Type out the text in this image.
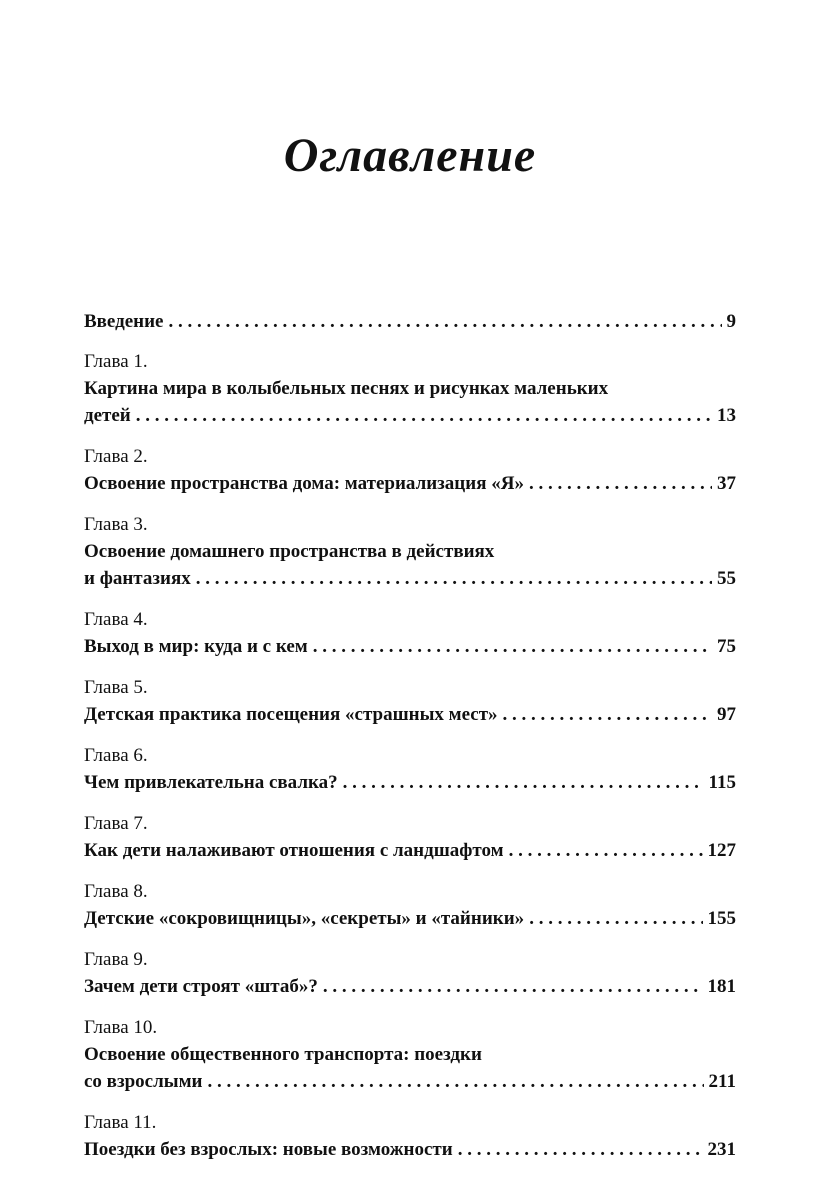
Оглавление
Введение . . .	9
Глава 1.
Картина мира в колыбельных песнях и рисунках маленьких
детей . . .	13
Глава 2.
Освоение пространства дома: материализация «Я» . . .	37
Глава 3.
Освоение домашнего пространства в действиях
и фантазиях . . .	55
Глава 4.
Выход в мир: куда и с кем . . .	75
Глава 5.
Детская практика посещения «страшных мест» . . .	97
Глава 6.
Чем привлекательна свалка? . . .	115
Глава 7.
Как дети налаживают отношения с ландшафтом . . .	127
Глава 8.
Детские «сокровищницы», «секреты» и «тайники» . . .	155
Глава 9.
Зачем дети строят «штаб»? . . .	181
Глава 10.
Освоение общественного транспорта: поездки
со взрослыми . . .	211
Глава 11.
Поездки без взрослых: новые возможности . . .	231
